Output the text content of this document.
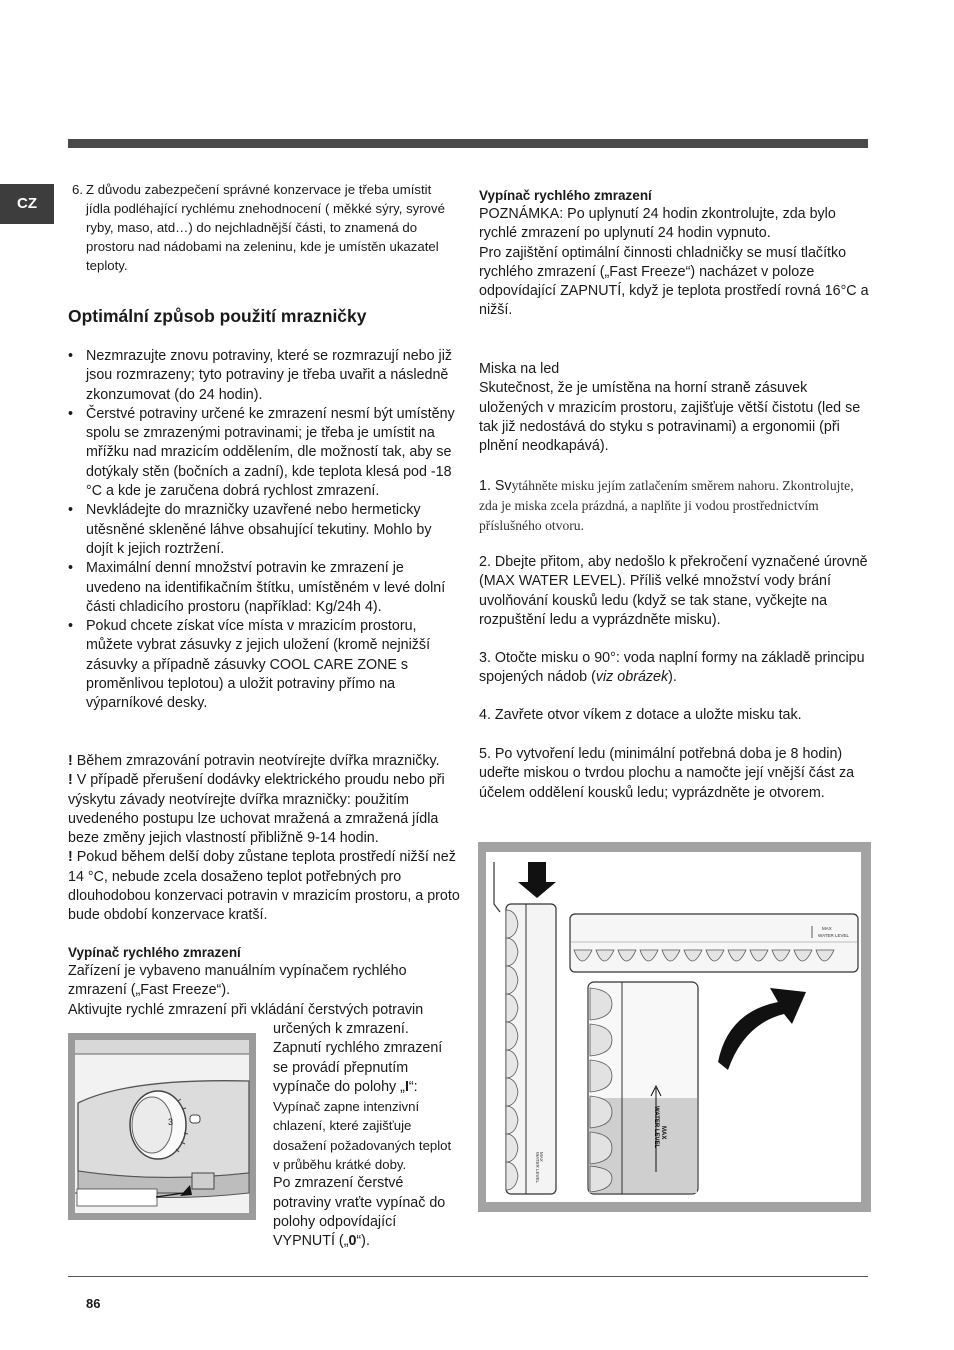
CZ
6. Z důvodu zabezpečení správné konzervace je třeba umístit jídla podléhající rychlému znehodnocení ( měkké sýry, syrové ryby, maso, atd…) do nejchladnější části, to znamená do prostoru nad nádobami na zeleninu, kde je umístěn ukazatel teploty.
Optimální způsob použití mrazničky
• Nezmrazujte znovu potraviny, které se rozmrazují nebo již jsou rozmrazeny; tyto potraviny je třeba uvařit a následně zkonzumovat (do 24 hodin).
• Čerstvé potraviny určené ke zmrazení nesmí být umístěny spolu se zmrazenými potravinami; je třeba je umístit na mřížku nad mrazicím oddělením, dle možností tak, aby se dotýkaly stěn (bočních a zadní), kde teplota klesá pod -18 °C a kde je zaručena dobrá rychlost zmrazení.
• Nevkládejte do mrazničky uzavřené nebo hermeticky utěsněné skleněné láhve obsahující tekutiny. Mohlo by dojít k jejich roztržení.
• Maximální denní množství potravin ke zmrazení je uvedeno na identifikačním štítku, umístěném v levé dolní části chladicího prostoru (například: Kg/24h 4).
• Pokud chcete získat více místa v mrazicím prostoru, můžete vybrat zásuvky z jejich uložení (kromě nejnižší zásuvky a případně zásuvky COOL CARE ZONE s proměnlivou teplotou) a uložit potraviny přímo na výparníkové desky.

! Během zmrazování potravin neotvírejte dvířka mrazničky.

! V případě přerušení dodávky elektrického proudu nebo při výskytu závady neotvírejte dvířka mrazničky: použitím uvedeného postupu lze uchovat mražená a zmražená jídla beze změny jejich vlastností přibližně 9-14 hodin.

! Pokud během delší doby zůstane teplota prostředí nižší než 14 °C, nebude zcela dosaženo teplot potřebných pro dlouhodobou konzervaci potravin v mrazicím prostoru, a proto bude období konzervace kratší.

Vypínač rychlého zmrazení

Zařízení je vybaveno manuálním vypínačem rychlého zmrazení („Fast Freeze“).

Aktivujte rychlé zmrazení při vkládání čerstvých potravin

3

určených k zmrazení.

Zapnutí rychlého zmrazení se provádí přepnutím vypínače do polohy „I“:

Vypínač zapne intenzivní chlazení, které zajišťuje dosažení požadovaných teplot v průběhu krátké doby.

Po zmrazení čerstvé potraviny vraťte vypínač do polohy odpovídající VYPNUTÍ („0“).

Vypínač rychlého zmrazení

POZNÁMKA: Po uplynutí 24 hodin zkontrolujte, zda bylo rychlé zmrazení po uplynutí 24 hodin vypnuto.

Pro zajištění optimální činnosti chladničky se musí tlačítko rychlého zmrazení („Fast Freeze“) nacházet v poloze odpovídající ZAPNUTÍ, když je teplota prostředí rovná 16°C a nižší.

Miska na led

Skutečnost, že je umístěna na horní straně zásuvek uložených v mrazicím prostoru, zajišťuje větší čistotu (led se tak již nedostává do styku s potravinami) a ergonomii (při plnění neodkapává).

1. Svytáhněte misku jejím zatlačením směrem nahoru. Zkontrolujte, zda je miska zcela prázdná, a naplňte ji vodou prostřednictvím příslušného otvoru.
2. Dbejte přitom, aby nedošlo k překročení vyznačené úrovně (MAX WATER LEVEL). Příliš velké množství vody brání uvolňování kousků ledu (když se tak stane, vyčkejte na rozpuštění ledu a vyprázdněte misku).
3. Otočte misku o 90°: voda naplní formy na základě principu spojených nádob (viz obrázek).
4. Zavřete otvor víkem z dotace a uložte misku tak.
5. Po vytvoření ledu (minimální potřebná doba je 8 hodin) udeřte miskou o tvrdou plochu a namočte její vnější část za účelem oddělení kousků ledu; vyprázdněte je otvorem.
MAX
WATER LEVEL
MAX
WATER LEVEL
MAX
WATER LEVEL
86
